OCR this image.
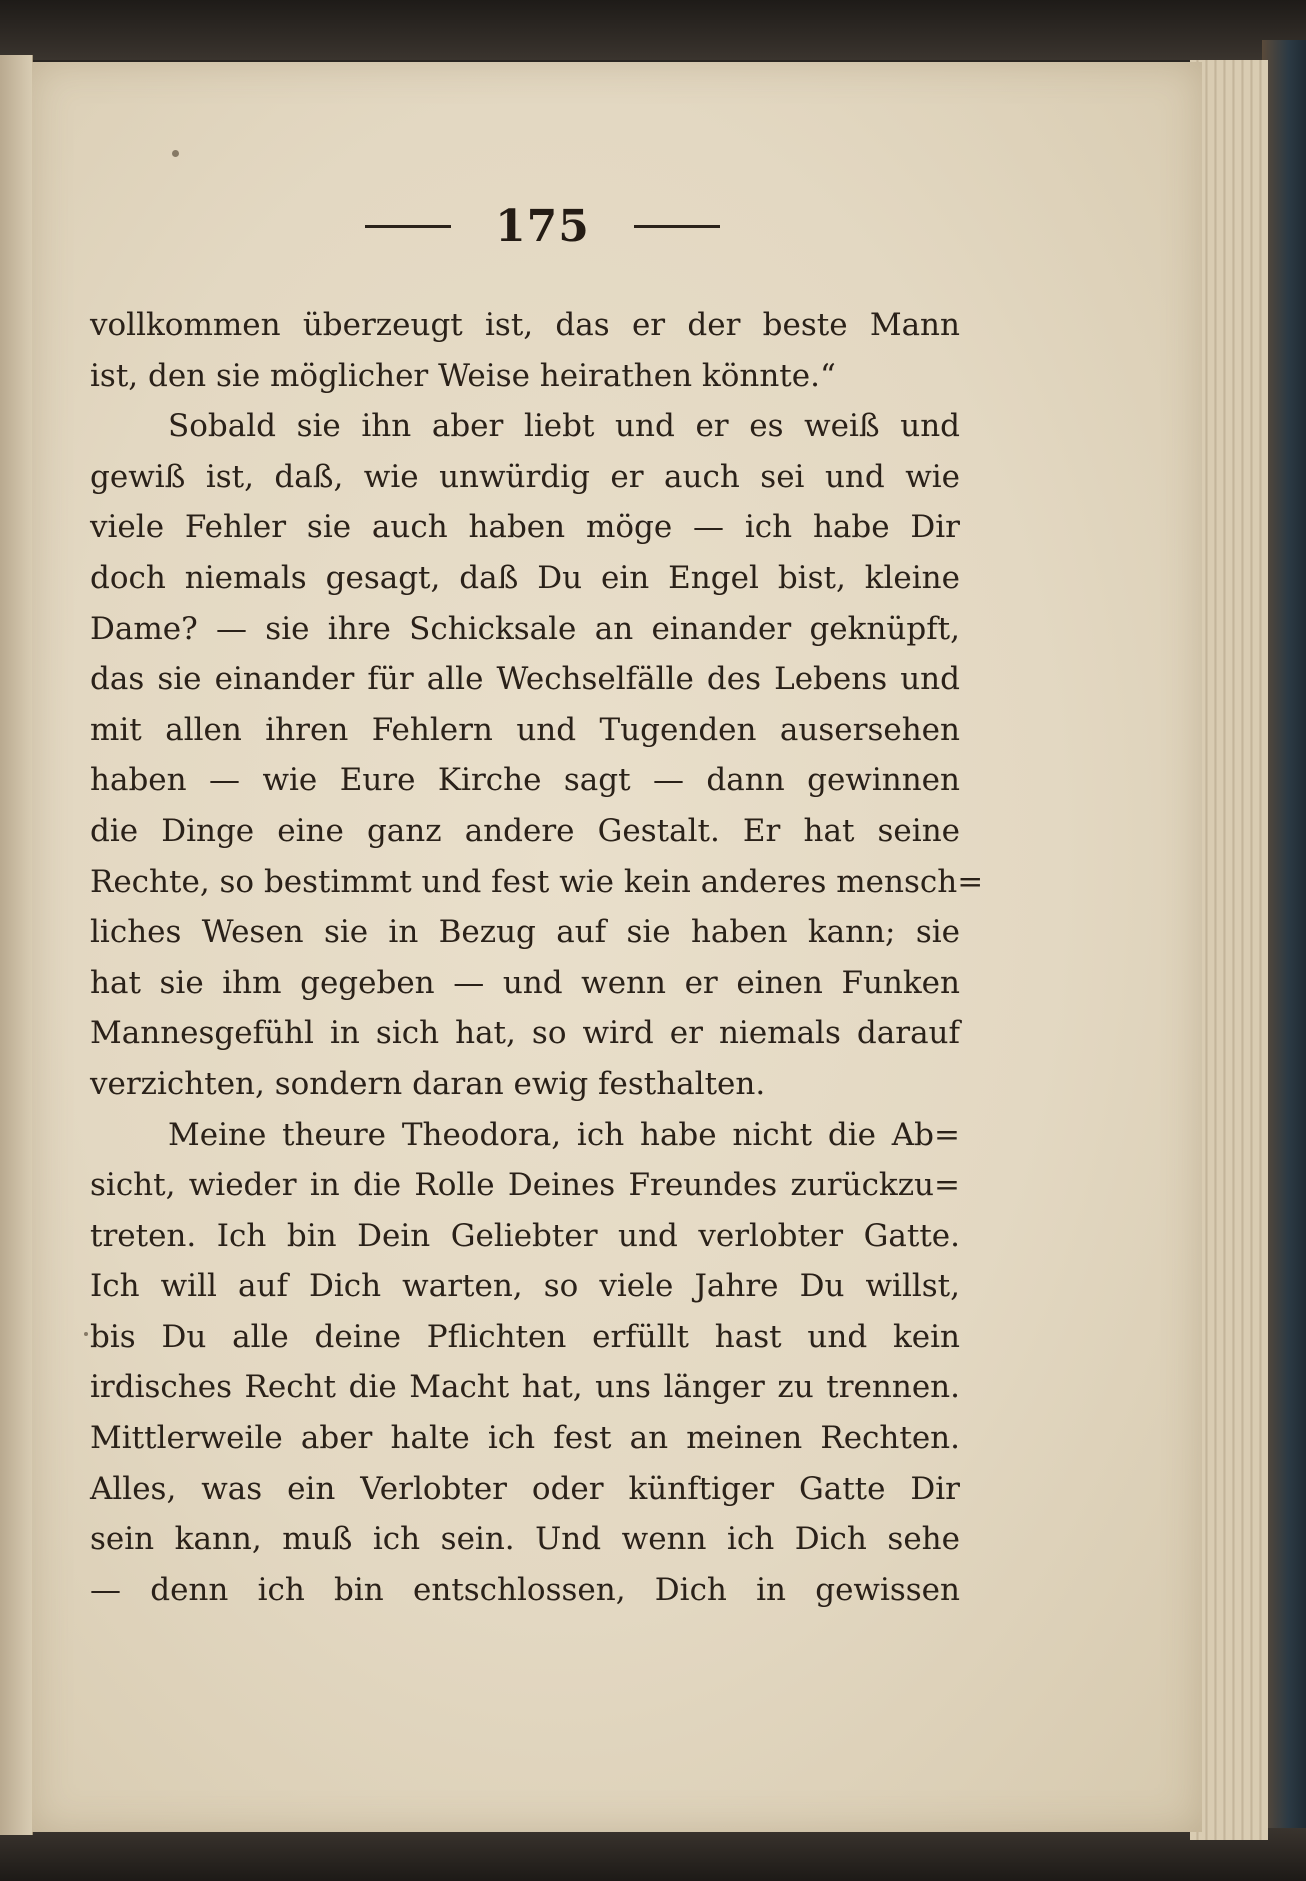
175
vollkommen überzeugt ist, das er der beste Mann
ist, den sie möglicher Weise heirathen könnte.“
Sobald sie ihn aber liebt und er es weiß und
gewiß ist, daß, wie unwürdig er auch sei und wie
viele Fehler sie auch haben möge — ich habe Dir
doch niemals gesagt, daß Du ein Engel bist, kleine
Dame? — sie ihre Schicksale an einander geknüpft,
das sie einander für alle Wechselfälle des Lebens und
mit allen ihren Fehlern und Tugenden ausersehen
haben — wie Eure Kirche sagt — dann gewinnen
die Dinge eine ganz andere Gestalt. Er hat seine
Rechte, so bestimmt und fest wie kein anderes mensch=
liches Wesen sie in Bezug auf sie haben kann; sie
hat sie ihm gegeben — und wenn er einen Funken
Mannesgefühl in sich hat, so wird er niemals darauf
verzichten, sondern daran ewig festhalten.
Meine theure Theodora, ich habe nicht die Ab=
sicht, wieder in die Rolle Deines Freundes zurückzu=
treten. Ich bin Dein Geliebter und verlobter Gatte.
Ich will auf Dich warten, so viele Jahre Du willst,
bis Du alle deine Pflichten erfüllt hast und kein
irdisches Recht die Macht hat, uns länger zu trennen.
Mittlerweile aber halte ich fest an meinen Rechten.
Alles, was ein Verlobter oder künftiger Gatte Dir
sein kann, muß ich sein. Und wenn ich Dich sehe
— denn ich bin entschlossen, Dich in gewissen
